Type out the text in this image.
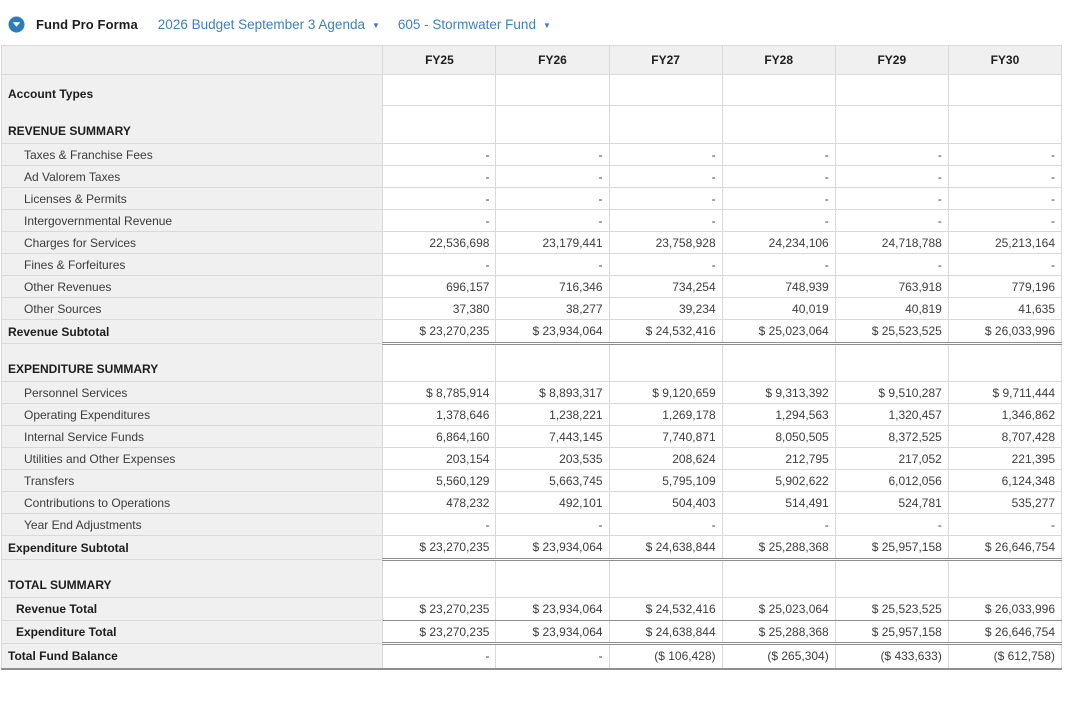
Fund Pro Forma 2026 Budget September 3 Agenda ▼ 605 - Stormwater Fund ▼
	FY25	FY26	FY27	FY28	FY29	FY30
Account Types						
REVENUE SUMMARY						
Taxes & Franchise Fees	-	-	-	-	-	-
Ad Valorem Taxes	-	-	-	-	-	-
Licenses & Permits	-	-	-	-	-	-
Intergovernmental Revenue	-	-	-	-	-	-
Charges for Services	22,536,698	23,179,441	23,758,928	24,234,106	24,718,788	25,213,164
Fines & Forfeitures	-	-	-	-	-	-
Other Revenues	696,157	716,346	734,254	748,939	763,918	779,196
Other Sources	37,380	38,277	39,234	40,019	40,819	41,635
Revenue Subtotal	$ 23,270,235	$ 23,934,064	$ 24,532,416	$ 25,023,064	$ 25,523,525	$ 26,033,996
EXPENDITURE SUMMARY						
Personnel Services	$ 8,785,914	$ 8,893,317	$ 9,120,659	$ 9,313,392	$ 9,510,287	$ 9,711,444
Operating Expenditures	1,378,646	1,238,221	1,269,178	1,294,563	1,320,457	1,346,862
Internal Service Funds	6,864,160	7,443,145	7,740,871	8,050,505	8,372,525	8,707,428
Utilities and Other Expenses	203,154	203,535	208,624	212,795	217,052	221,395
Transfers	5,560,129	5,663,745	5,795,109	5,902,622	6,012,056	6,124,348
Contributions to Operations	478,232	492,101	504,403	514,491	524,781	535,277
Year End Adjustments	-	-	-	-	-	-
Expenditure Subtotal	$ 23,270,235	$ 23,934,064	$ 24,638,844	$ 25,288,368	$ 25,957,158	$ 26,646,754
TOTAL SUMMARY						
Revenue Total	$ 23,270,235	$ 23,934,064	$ 24,532,416	$ 25,023,064	$ 25,523,525	$ 26,033,996
Expenditure Total	$ 23,270,235	$ 23,934,064	$ 24,638,844	$ 25,288,368	$ 25,957,158	$ 26,646,754
Total Fund Balance	-	-	($ 106,428)	($ 265,304)	($ 433,633)	($ 612,758)
